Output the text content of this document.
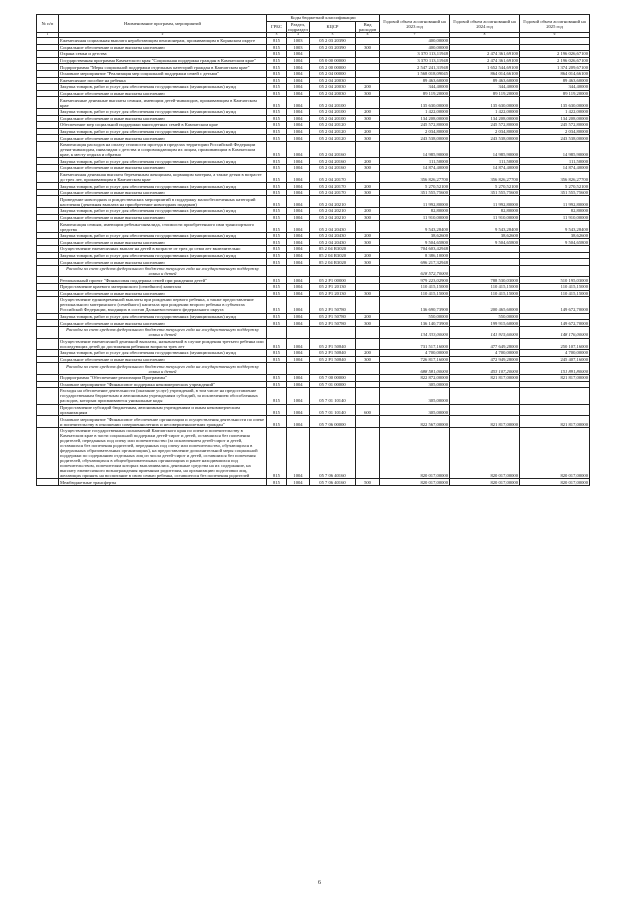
№ п/п	Наименование программ, мероприятий	Коды бюджетной классификации				Годовой объем ассигнований на 2023 год	Годовой объем ассигнований на 2024 год	Годовой объем ассигнований на 2025 год
		ГРБС	Раздел, подраздел	КЦСР	Вид расходов			
1	2	3	4	5	6	7	8	9
	Ежемесячная социальная выплата неработающим пенсионерам, проживающим в Корякском округе	815	1003	05 2 03 20390		400,00000		
	Социальное обеспечение и иные выплаты населению	815	1003	05 2 03 20390	300	400,00000		
	Охрана семьи и детства	815	1004			3 370 113,11948	2 474 361,69100	2 196 026,67100
	Государственная программа Камчатского края "Социальная поддержка граждан в Камчатском крае"	815	1004	05 0 00 00000		3 370 113,11948	2 474 361,69100	2 196 026,67100
	Подпрограмма "Меры социальной поддержки отдельных категорий граждан в Камчатском крае"	815	1004	05 2 00 00000		2 547 241,31948	1 652 544,69100	1 374 209,67100
	Основное мероприятие "Реализация мер социальной поддержки семей с детьми"	815	1004	05 2 04 00000		1 568 018,09045	864 014,66100	864 014,66100
	Ежемесячное пособие на ребенка	815	1004	05 2 04 20030		89 463,60000	89 463,60000	89 463,60000
	Закупка товаров, работ и услуг для обеспечения государственных (муниципальных) нужд	815	1004	05 2 04 20030	200	344,40000	344,40000	344,40000
	Социальное обеспечение и иные выплаты населению	815	1004	05 2 04 20030	300	89 119,20000	89 119,20000	89 119,20000
	Ежемесячные денежные выплаты семьям, имеющим детей-инвалидов, проживающим в Камчатском крае	815	1004	05 2 04 20100		135 630,00000	135 630,00000	135 630,00000
	Закупка товаров, работ и услуг для обеспечения государственных (муниципальных) нужд	815	1004	05 2 04 20100	200	1 422,00000	1 422,00000	1 422,00000
	Социальное обеспечение и иные выплаты населению	815	1004	05 2 04 20100	300	134 208,00000	134 208,00000	134 208,00000
	Обеспечение мер социальной поддержки многодетных семей в Камчатском крае	815	1004	05 2 04 20120		245 572,80000	245 572,80000	245 572,80000
	Закупка товаров, работ и услуг для обеспечения государственных (муниципальных) нужд	815	1004	05 2 04 20120	200	2 034,80000	2 034,80000	2 034,80000
	Социальное обеспечение и иные выплаты населению	815	1004	05 2 04 20120	300	243 538,00000	243 538,00000	243 538,00000
	Компенсация расходов на оплату стоимости проезда в пределах территории Российской Федерации детям-инвалидам, инвалидам с детства и сопровождающим их лицам, проживающим в Камчатском крае, к месту отдыха и обратно	815	1004	05 2 04 20160		14 985,90000	14 985,90000	14 985,90000
	Закупка товаров, работ и услуг для обеспечения государственных (муниципальных) нужд	815	1004	05 2 04 20160	200	111,50000	111,50000	111,50000
	Социальное обеспечение и иные выплаты населению	815	1004	05 2 04 20160	300	14 874,40000	14 874,40000	14 874,40000
	Ежемесячная денежная выплата беременным женщинам, кормящим матерям, а также детям в возрасте до трех лет, проживающим в Камчатском крае	815	1004	05 2 04 20170		356 826,27700	356 826,27700	356 826,27700
	Закупка товаров, работ и услуг для обеспечения государственных (муниципальных) нужд	815	1004	05 2 04 20170	200	5 270,52100	5 270,52100	5 270,52100
	Социальное обеспечение и иные выплаты населению	815	1004	05 2 04 20170	300	351 555,75600	351 555,75600	351 555,75600
	Проведение новогодних и рождественских мероприятий в поддержку малообеспеченных категорий населения (денежная выплата на приобретение новогодних подарков)	815	1004	05 2 04 20210		11 992,80000	11 992,80000	11 992,80000
	Закупка товаров, работ и услуг для обеспечения государственных (муниципальных) нужд	815	1004	05 2 04 20210	200	82,80000	82,80000	82,80000
	Социальное обеспечение и иные выплаты населению	815	1004	05 2 04 20210	300	11 910,00000	11 910,00000	11 910,00000
	Компенсация семьям, имеющим ребенка-инвалида, стоимости приобретенного ими транспортного средства	815	1004	05 2 04 20430		9 543,28400	9 543,28400	9 543,28400
	Закупка товаров, работ и услуг для обеспечения государственных (муниципальных) нужд	815	1004	05 2 04 20430	200	38,62600	38,62600	38,62600
	Социальное обеспечение и иные выплаты населению	815	1004	05 2 04 20430	300	9 504,65800	9 504,65800	9 504,65800
	Осуществление ежемесячных выплат на детей в возрасте от трех до семи лет включительно	815	1004	05 2 04 R3020		704 603,42948		
	Закупка товаров, работ и услуг для обеспечения государственных (муниципальных) нужд	815	1004	05 2 04 R3020	200	8 386,10000		
	Социальное обеспечение и иные выплаты населению	815	1004	05 2 04 R3020	300	696 217,32948		
	Расходы за счет средств федерального бюджета текущего года на государственную поддержку семьи и детей					618 572,70000		
	Региональный проект "Финансовая поддержка семей при рождении детей"	815	1004	05 2 P1 00000		979 223,02900	788 530,03000	510 195,03000
	Предоставление краевого материнского (семейного) капитала	815	1004	05 2 P1 20130		110 415,15000	110 415,15000	110 415,15000
	Социальное обеспечение и иные выплаты населению	815	1004	05 2 P1 20130	300	110 415,15000	110 415,15000	110 415,15000
	Осуществление единовременной выплаты при рождении первого ребенка, а также предоставление регионального материнского (семейного) капитала при рождении второго ребенка в субъектах Российской Федерации, входящих в состав Дальневосточного федерального округа	815	1004	05 2 P1 50780		136 690,73900	200 465,60000	149 672,70000
	Закупка товаров, работ и услуг для обеспечения государственных (муниципальных) нужд	815	1004	05 2 P1 50780	200	550,00000	550,00000	
	Социальное обеспечение и иные выплаты населению	815	1004	05 2 P1 50780	300	136 140,73900	199 915,60000	149 672,70000
	Расходы за счет средств федерального бюджета текущего года на государственную поддержку семьи и детей					134 333,00000	141 915,60000	148 176,00000
	Осуществление ежемесячной денежной выплаты, назначаемой в случае рождения третьего ребенка или последующих детей до достижения ребенком возраста трех лет	815	1004	05 2 P1 50840		731 517,16000	477 649,28000	250 107,16000
	Закупка товаров, работ и услуг для обеспечения государственных (муниципальных) нужд	815	1004	05 2 P1 50840	200	4 700,00000	4 700,00000	4 700,00000
	Социальное обеспечение и иные выплаты населению	815	1004	05 2 P1 50840	300	726 817,16000	472 949,28000	245 407,16000
	Расходы за счет средств федерального бюджета текущего года на государственную поддержку семьи и детей					688 581,00000	453 107,20000	151 891,80000
	Подпрограмма "Обеспечение реализации Программы"	815	1004	05 7 00 00000		822 872,00000	821 817,00000	821 817,00000
	Основное мероприятие "Финансовое поддержка некоммерческих учреждений"	815	1004	05 7 01 00000		305,00000		
	Расходы на обеспечение деятельности (оказание услуг) учреждений, в том числе на предоставление государственным бюджетным и автономным учреждениям субсидий, за исключением обособленных расходов, которым присваиваются уникальные коды	815	1004	05 7 01 10140		305,00000		
	Предоставление субсидий бюджетным, автономным учреждениям и иным некоммерческим организациям	815	1004	05 7 01 10140	600	305,00000		
	Основное мероприятие "Финансовое обеспечение организации и осуществления деятельности по опеке и попечительству в отношении совершеннолетних и несовершеннолетних граждан"	815	1004	05 7 06 00000		822 567,00000	821 817,00000	821 817,00000
	Осуществление государственных полномочий Камчатского края по опеке и попечительству в Камчатском крае в части социальной поддержки детей-сирот и детей, оставшихся без попечения родителей, переданных под опеку или попечительство (за исключением детей-сирот и детей, оставшихся без попечения родителей, переданных под опеку или попечительство, обучающихся в федеральных образовательных организациях), на предоставление дополнительной меры социальной поддержки по содержанию отдельных лиц из числа детей-сирот и детей, оставшихся без попечения родителей, обучающихся в общеобразовательных организациях и ранее находившихся под попечительством, попечителям которых выплачивались денежные средства на их содержание, на выплату ежемесячного вознаграждения приемным родителям, на организацию подготовки лиц, желающих принять на воспитание в свою семью ребенка, оставшегося без попечения родителей	815	1004	05 7 06 40160		820 017,00000	820 017,00000	820 017,00000
	Межбюджетные трансферты	815	1004	05 7 06 40160	500	820 017,00000	820 017,00000	820 017,00000
6
